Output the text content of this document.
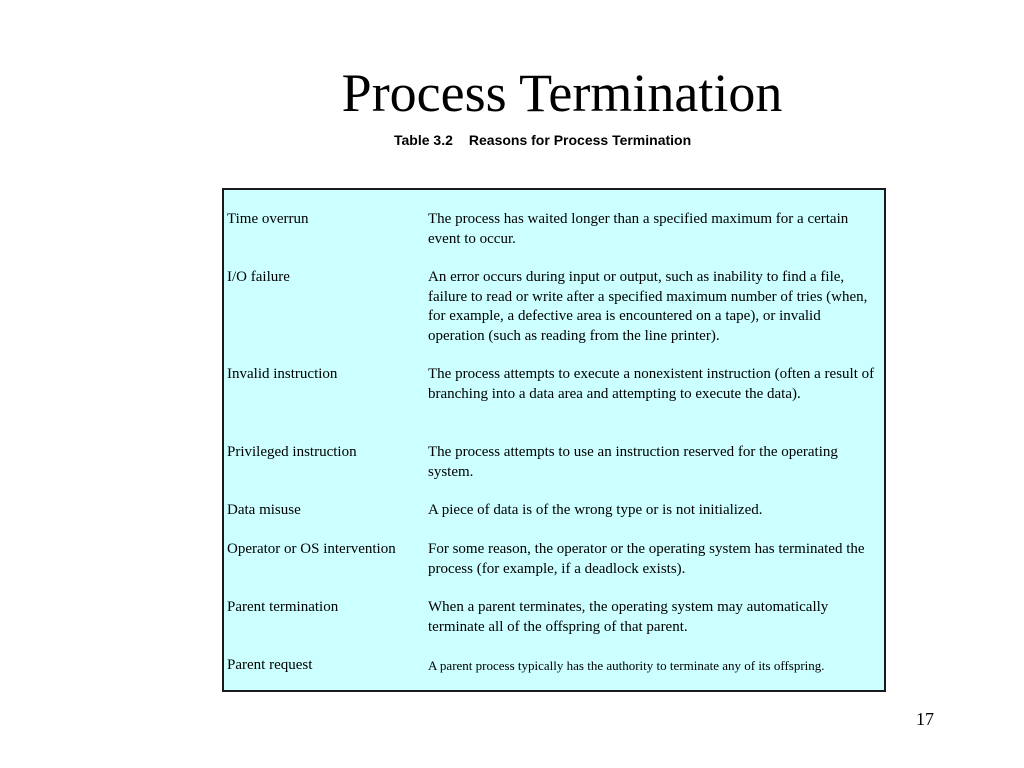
Process Termination
Table 3.2 Reasons for Process Termination
Time overrun	The process has waited longer than a specified maximum for a certain event to occur.
I/O failure	An error occurs during input or output, such as inability to find a file, failure to read or write after a specified maximum number of tries (when, for example, a defective area is encountered on a tape), or invalid operation (such as reading from the line printer).
Invalid instruction	The process attempts to execute a nonexistent instruction (often a result of branching into a data area and attempting to execute the data).
Privileged instruction	The process attempts to use an instruction reserved for the operating system.
Data misuse	A piece of data is of the wrong type or is not initialized.
Operator or OS intervention	For some reason, the operator or the operating system has terminated the process (for example, if a deadlock exists).
Parent termination	When a parent terminates, the operating system may automatically terminate all of the offspring of that parent.
Parent request	A parent process typically has the authority to terminate any of its offspring.
17
